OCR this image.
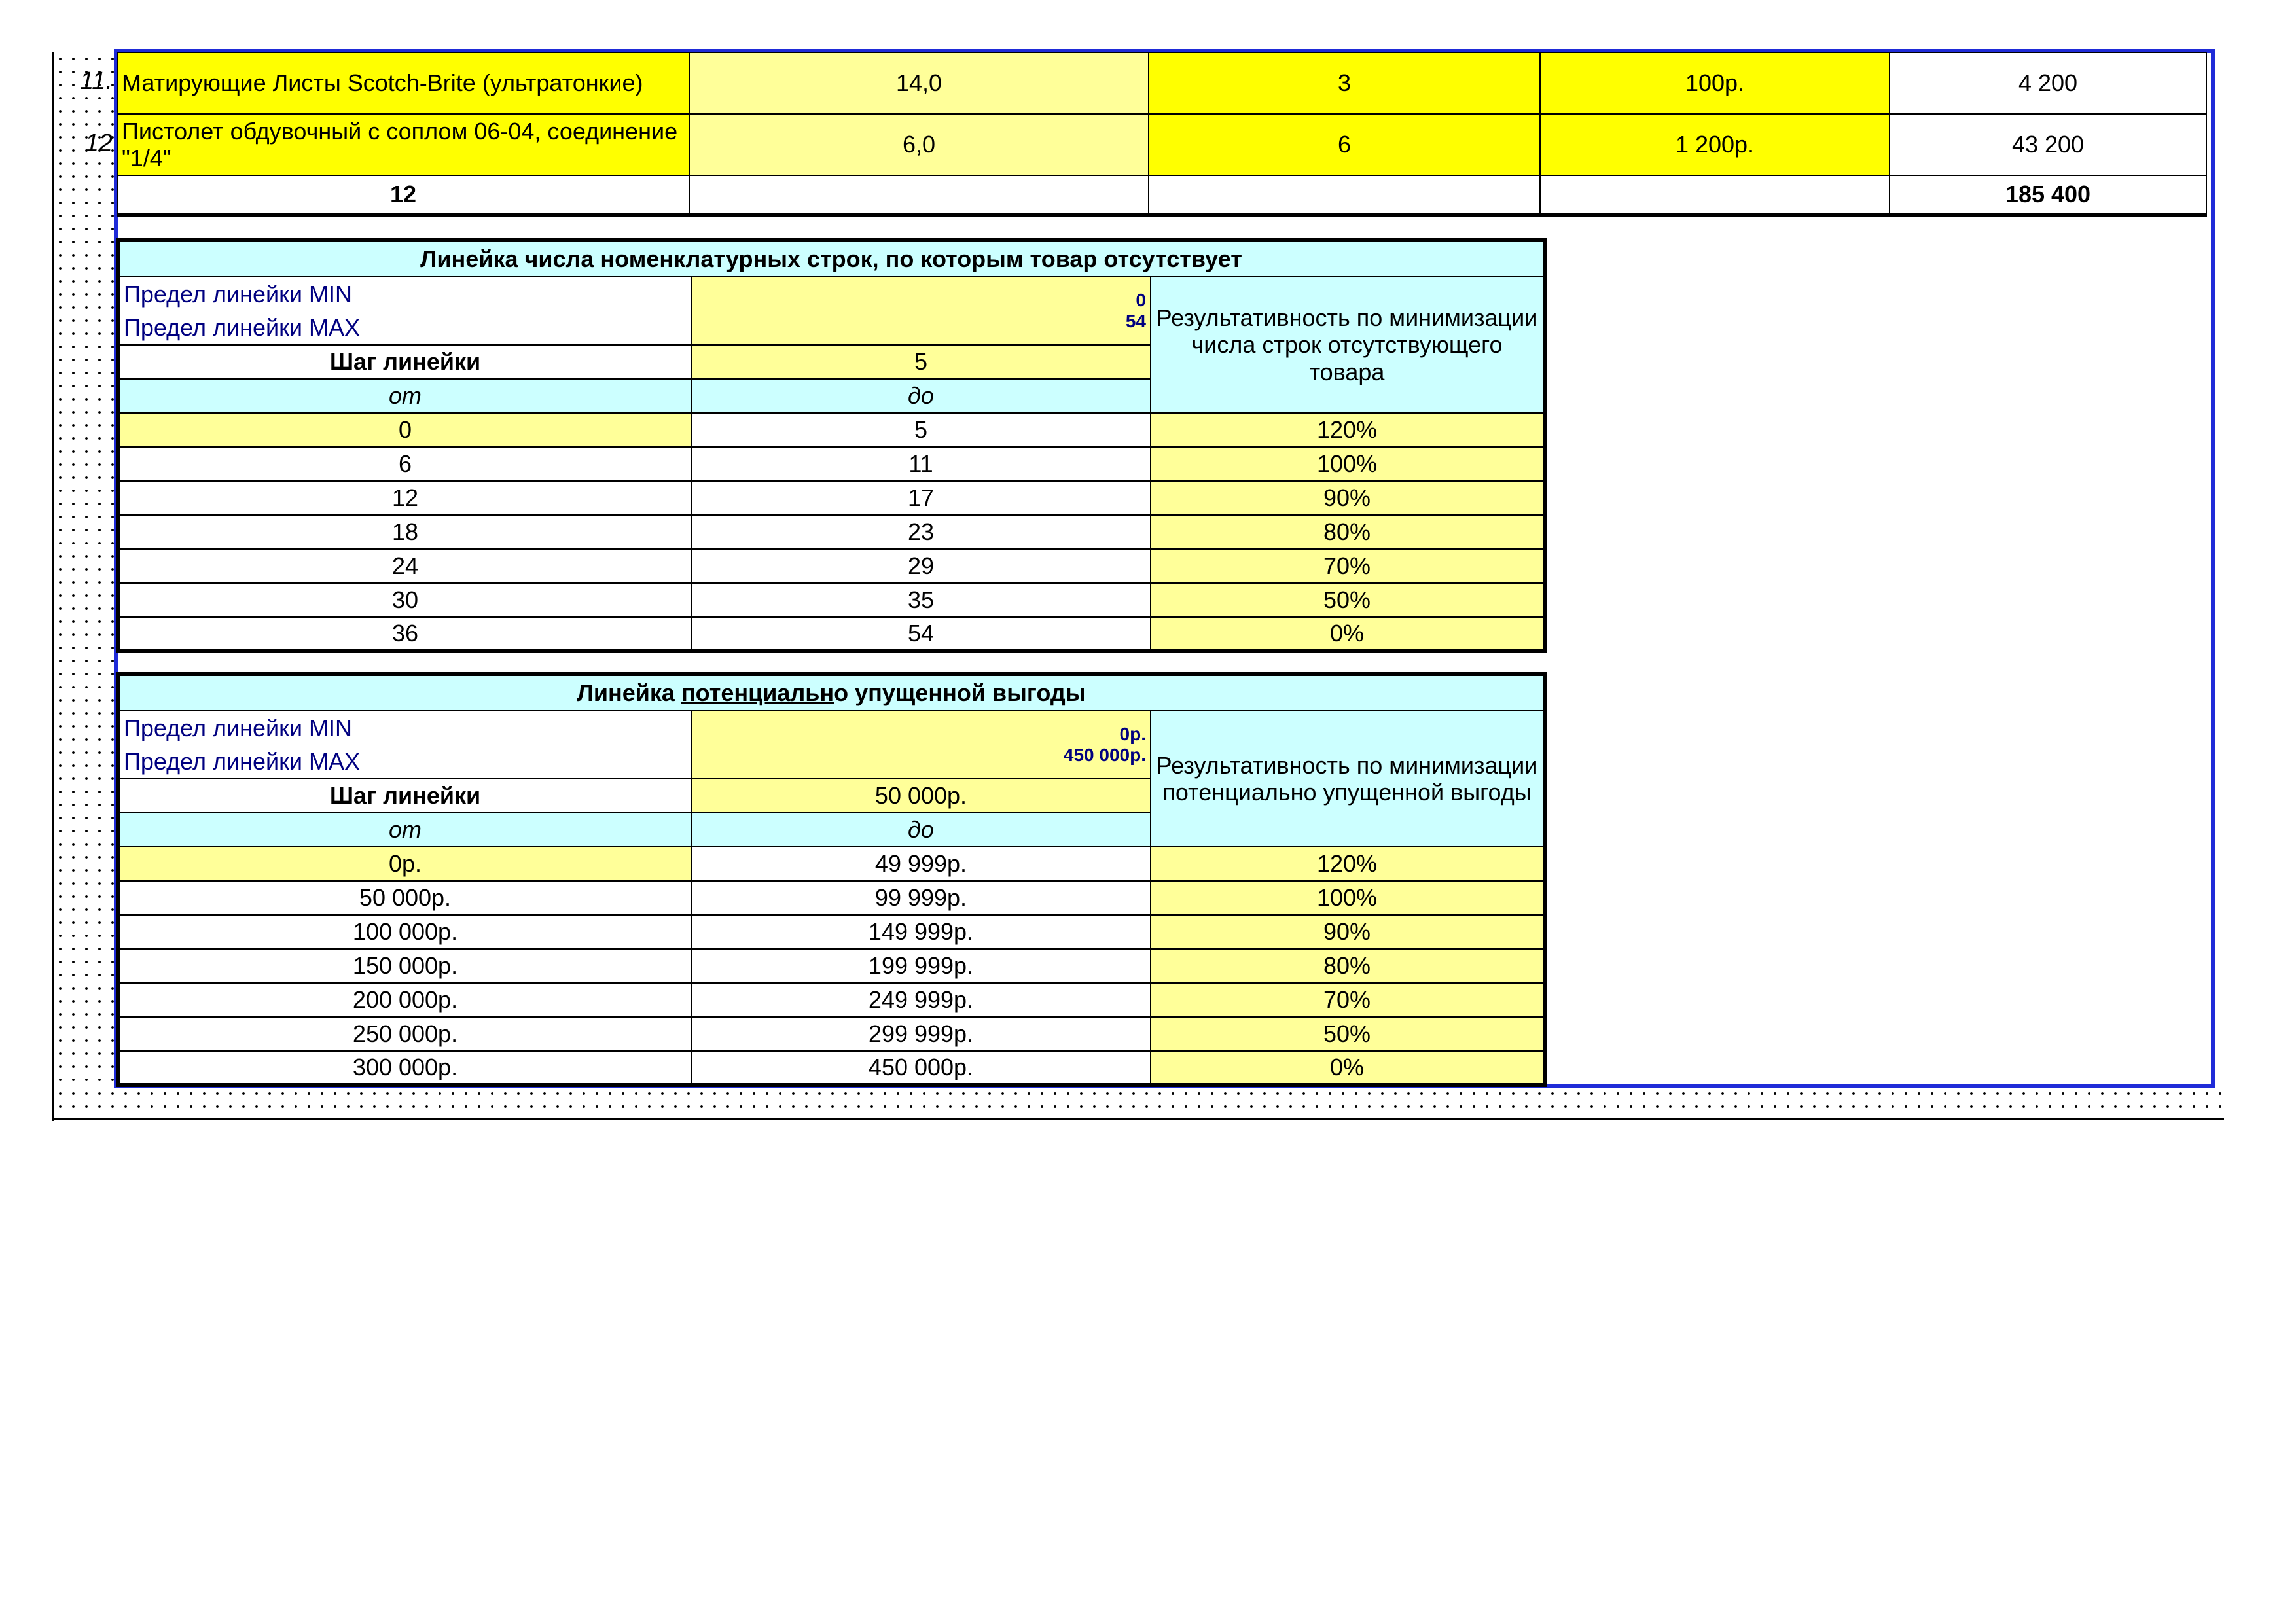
11.
12
Матирующие Листы Scotch-Brite (ультратонкие)	14,0	3	100р.	4 200
Пистолет обдувочный с соплом 06-04, соединение "1/4"	6,0	6	1 200р.	43 200
12				185 400
Линейка числа номенклатурных строк, по которым товар отсутствует		
Предел линейки MIN	0	Результативность по минимизации числа строк отсутствующего товара
Предел линейки MAX	54	
Шаг линейки	5	
от	до	
0	5	120%
6	11	100%
12	17	90%
18	23	80%
24	29	70%
30	35	50%
36	54	0%
Линейка потенциально упущенной выгоды		
Предел линейки MIN	0р.	Результативность по минимизации потенциально упущенной выгоды
Предел линейки MAX	450 000р.	
Шаг линейки	50 000р.	
от	до	
0р.	49 999р.	120%
50 000р.	99 999р.	100%
100 000р.	149 999р.	90%
150 000р.	199 999р.	80%
200 000р.	249 999р.	70%
250 000р.	299 999р.	50%
300 000р.	450 000р.	0%
